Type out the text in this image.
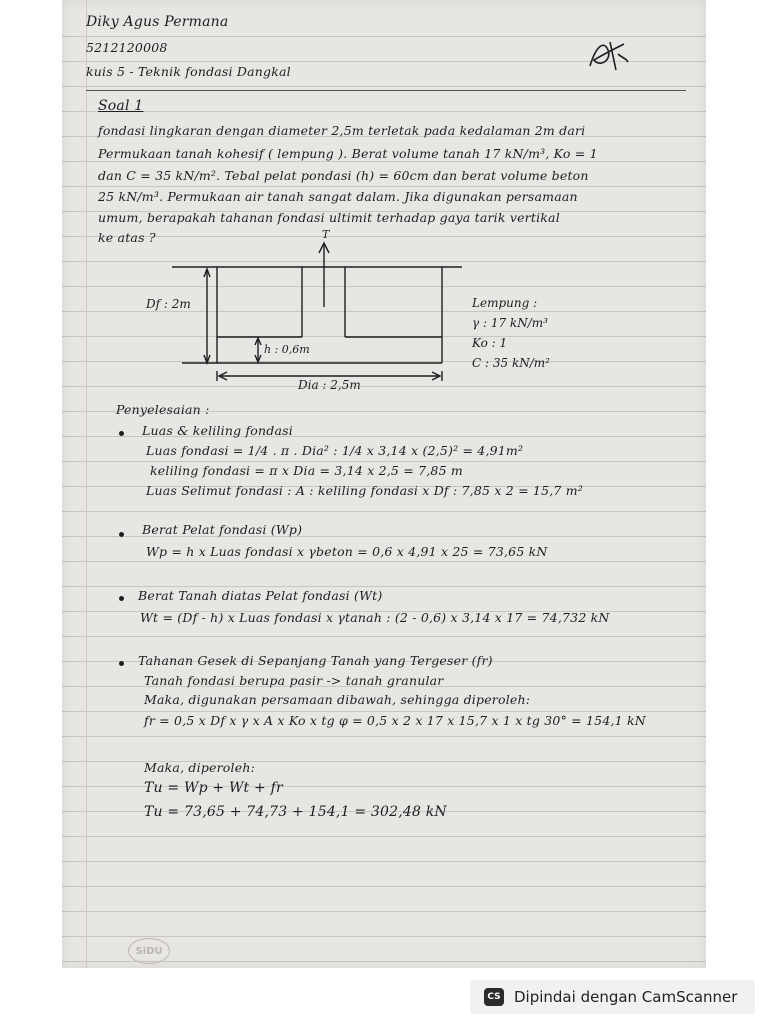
Diky Agus Permana
5212120008
kuis 5 - Teknik fondasi Dangkal
Soal 1
fondasi lingkaran dengan diameter 2,5m terletak pada kedalaman 2m dari
Permukaan tanah kohesif ( lempung ). Berat volume tanah 17 kN/m³, Ko = 1
dan C = 35 kN/m². Tebal pelat pondasi (h) = 60cm dan berat volume beton
25 kN/m³. Permukaan air tanah sangat dalam. Jika digunakan persamaan
umum, berapakah tahanan fondasi ultimit terhadap gaya tarik vertikal
ke atas ?	T
Df : 2m
h : 0,6m
Dia : 2,5m
Lempung :
γ : 17 kN/m³
Ko : 1
C : 35 kN/m²
Penyelesaian :
Luas & keliling fondasi
Luas fondasi = 1/4 . π . Dia² : 1/4 x 3,14 x (2,5)² = 4,91m²
keliling fondasi = π x Dia = 3,14 x 2,5 = 7,85 m
Luas Selimut fondasi : A : keliling fondasi x Df : 7,85 x 2 = 15,7 m²
Berat Pelat fondasi (Wp)
Wp = h x Luas fondasi x γbeton = 0,6 x 4,91 x 25 = 73,65 kN
Berat Tanah diatas Pelat fondasi (Wt)
Wt = (Df - h) x Luas fondasi x γtanah : (2 - 0,6) x 3,14 x 17 = 74,732 kN
Tahanan Gesek di Sepanjang Tanah yang Tergeser (fr)
Tanah fondasi berupa pasir -> tanah granular
Maka, digunakan persamaan dibawah, sehingga diperoleh:
fr = 0,5 x Df x γ x A x Ko x tg φ = 0,5 x 2 x 17 x 15,7 x 1 x tg 30° = 154,1 kN
Maka, diperoleh:
Tu = Wp + Wt + fr
Tu = 73,65 + 74,73 + 154,1 = 302,48 kN
SiDU
CS Dipindai dengan CamScanner
